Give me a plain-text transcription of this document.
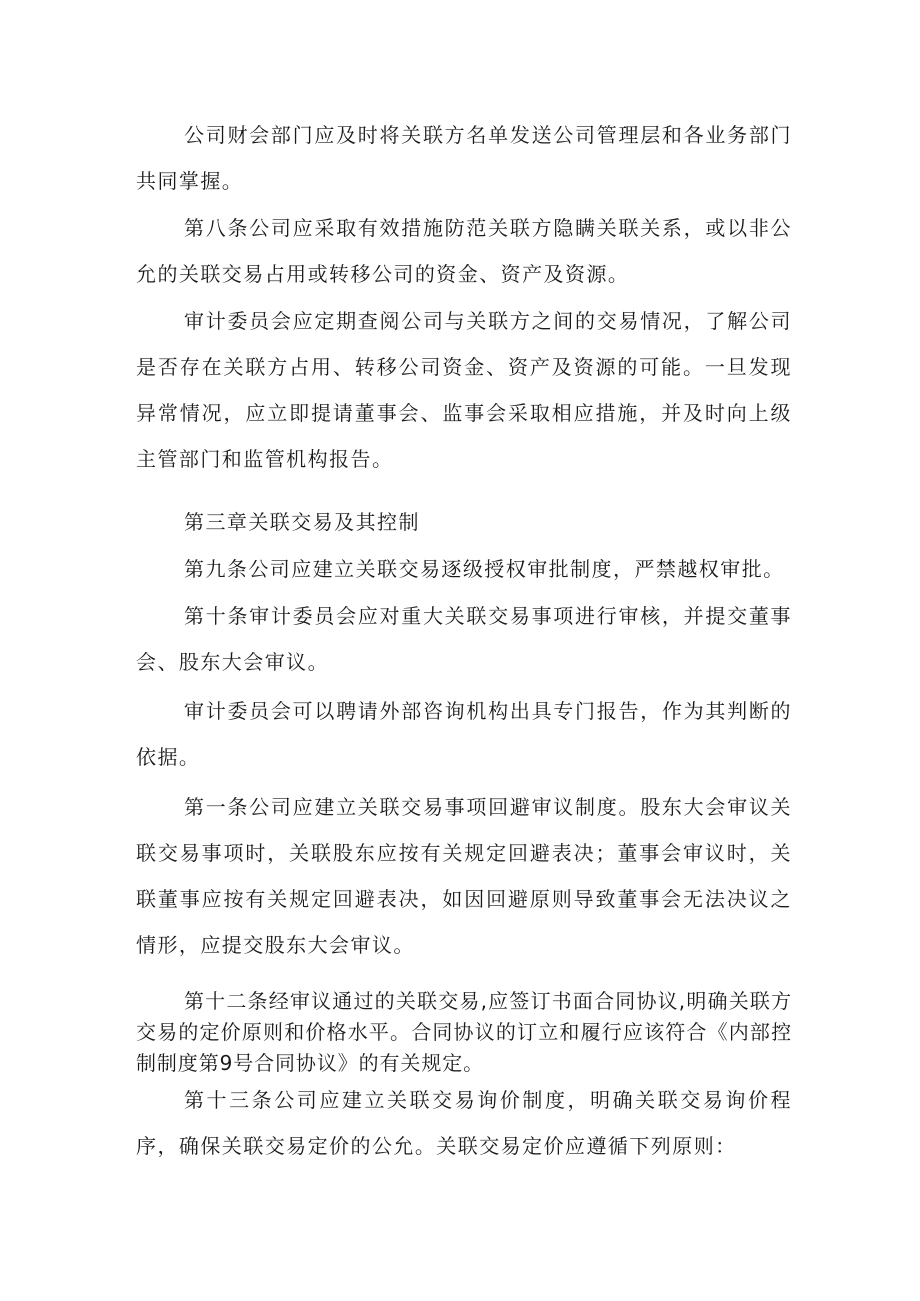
公司财会部门应及时将关联方名单发送公司管理层和各业务部门共同掌握。

第八条公司应采取有效措施防范关联方隐瞒关联关系，或以非公允的关联交易占用或转移公司的资金、资产及资源。

审计委员会应定期查阅公司与关联方之间的交易情况，了解公司是否存在关联方占用、转移公司资金、资产及资源的可能。一旦发现异常情况，应立即提请董事会、监事会采取相应措施，并及时向上级主管部门和监管机构报告。

第三章关联交易及其控制

第九条公司应建立关联交易逐级授权审批制度，严禁越权审批。

第十条审计委员会应对重大关联交易事项进行审核，并提交董事会、股东大会审议。

审计委员会可以聘请外部咨询机构出具专门报告，作为其判断的依据。

第一条公司应建立关联交易事项回避审议制度。股东大会审议关联交易事项时，关联股东应按有关规定回避表决；董事会审议时，关联董事应按有关规定回避表决，如因回避原则导致董事会无法决议之情形，应提交股东大会审议。

第十二条经审议通过的关联交易,应签订书面合同协议,明确关联方交易的定价原则和价格水平。合同协议的订立和履行应该符合《内部控制制度第9号合同协议》的有关规定。

第十三条公司应建立关联交易询价制度，明确关联交易询价程序，确保关联交易定价的公允。关联交易定价应遵循下列原则：
